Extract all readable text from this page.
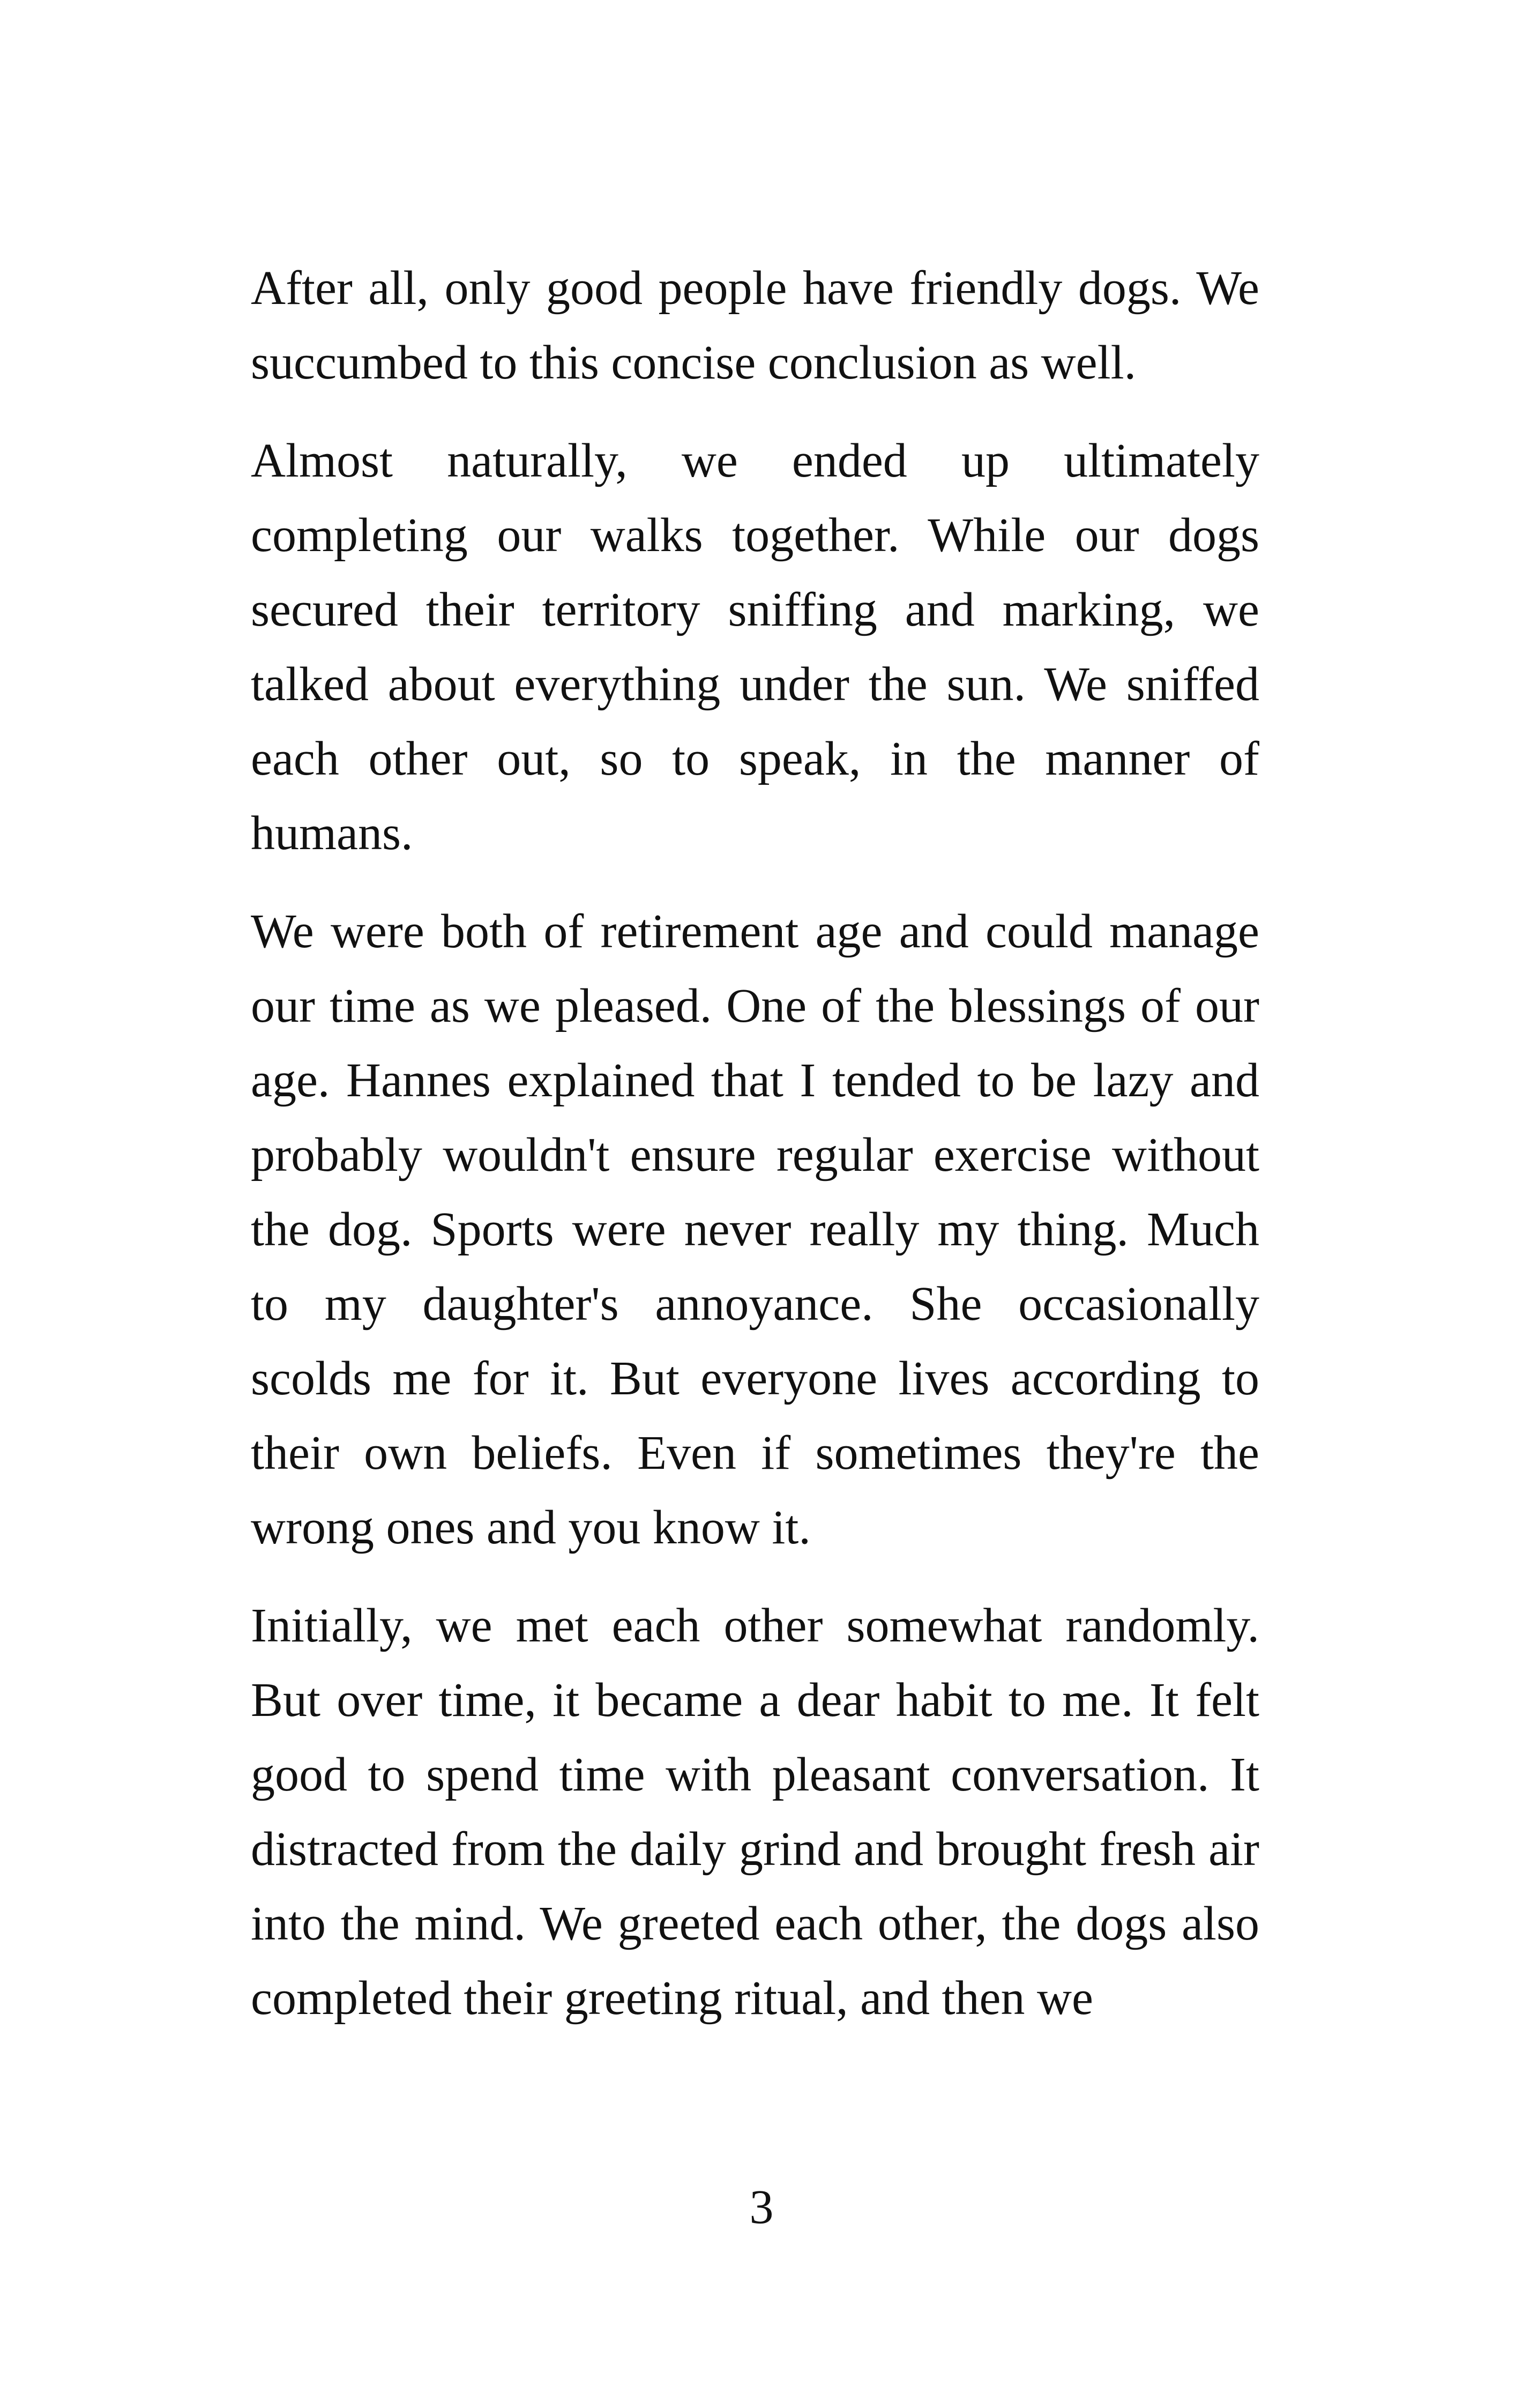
After all, only good people have friendly dogs. We succumbed to this concise conclusion as well.

Almost naturally, we ended up ultimately completing our walks together. While our dogs secured their territory sniffing and marking, we talked about everything under the sun. We sniffed each other out, so to speak, in the manner of humans.

We were both of retirement age and could manage our time as we pleased. One of the blessings of our age. Hannes explained that I tended to be lazy and probably wouldn't ensure regular exercise without the dog. Sports were never really my thing. Much to my daughter's annoyance. She occasionally scolds me for it. But everyone lives according to their own beliefs. Even if sometimes they're the wrong ones and you know it.

Initially, we met each other somewhat randomly. But over time, it became a dear habit to me. It felt good to spend time with pleasant conversation. It distracted from the daily grind and brought fresh air into the mind. We greeted each other, the dogs also completed their greeting ritual, and then we

3
